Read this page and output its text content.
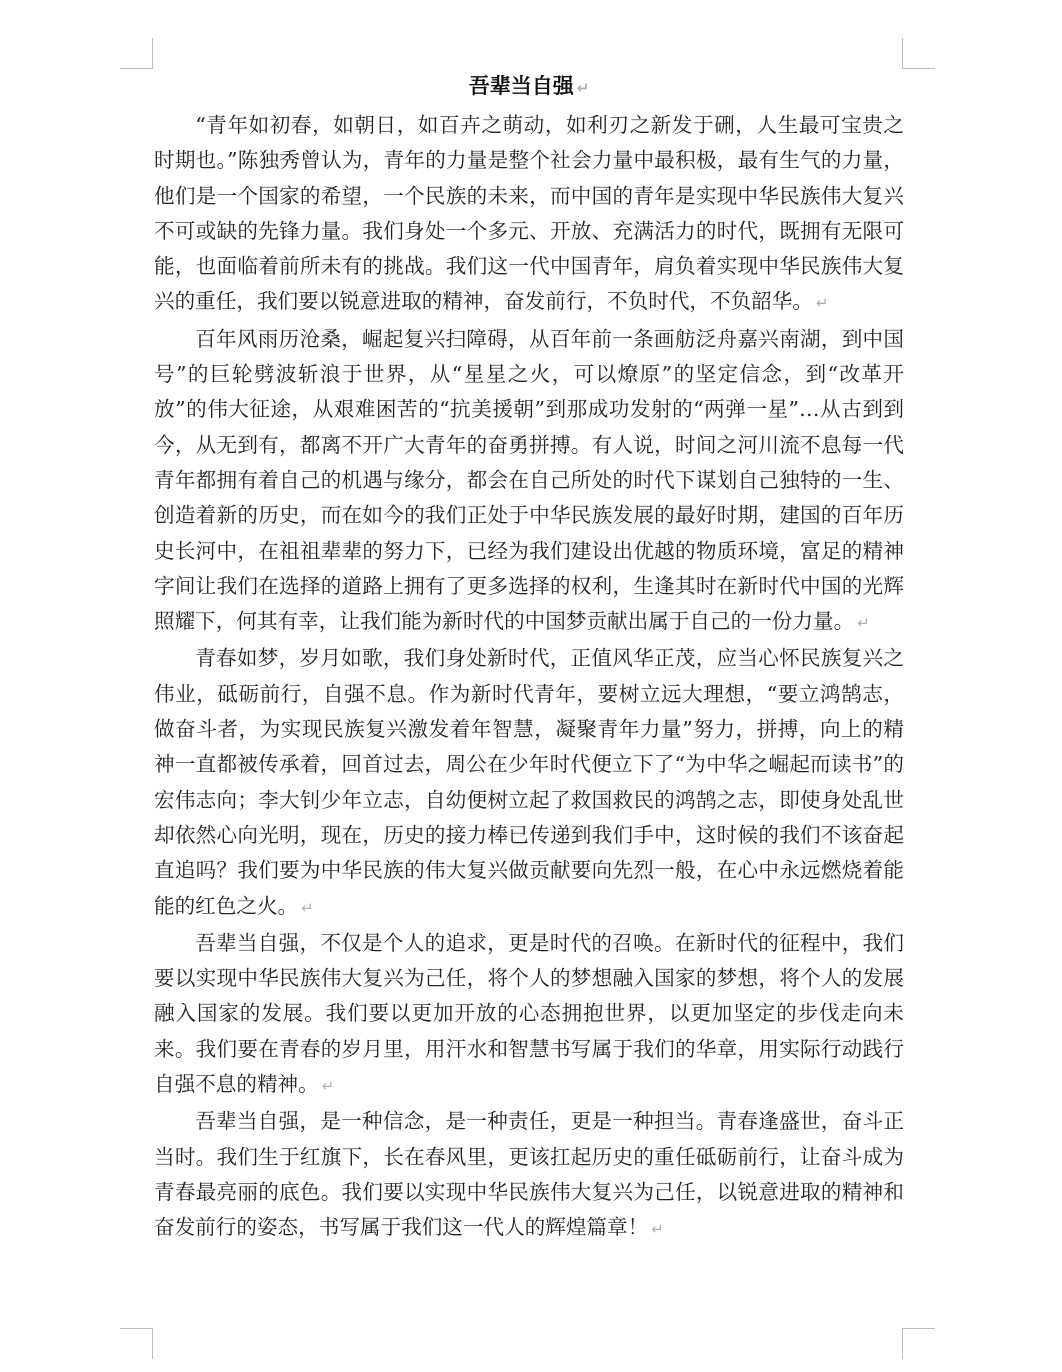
吾辈当自强 ↵

“青年如初春，如朝日，如百卉之萌动，如利刃之新发于硎，人生最可宝贵之时期也。”陈独秀曾认为，青年的力量是整个社会力量中最积极，最有生气的力量，他们是一个国家的希望，一个民族的未来，而中国的青年是实现中华民族伟大复兴不可或缺的先锋力量。我们身处一个多元、开放、充满活力的时代，既拥有无限可能，也面临着前所未有的挑战。我们这一代中国青年，肩负着实现中华民族伟大复兴的重任，我们要以锐意进取的精神，奋发前行，不负时代，不负韶华。 ↵

百年风雨历沧桑，崛起复兴扫障碍，从百年前一条画舫泛舟嘉兴南湖，到中国号”的巨轮劈波斩浪于世界，从“星星之火，可以燎原”的坚定信念，到“改革开放”的伟大征途，从艰难困苦的“抗美援朝”到那成功发射的“两弹一星”…从古到到今，从无到有，都离不开广大青年的奋勇拼搏。有人说，时间之河川流不息每一代青年都拥有着自己的机遇与缘分，都会在自己所处的时代下谋划自己独特的一生、创造着新的历史，而在如今的我们正处于中华民族发展的最好时期，建国的百年历史长河中，在祖祖辈辈的努力下，已经为我们建设出优越的物质环境，富足的精神字间让我们在选择的道路上拥有了更多选择的权利，生逢其时在新时代中国的光辉照耀下，何其有幸，让我们能为新时代的中国梦贡献出属于自己的一份力量。 ↵

青春如梦，岁月如歌，我们身处新时代，正值风华正茂，应当心怀民族复兴之伟业，砥砺前行，自强不息。作为新时代青年，要树立远大理想，“要立鸿鹄志，做奋斗者，为实现民族复兴激发着年智慧，凝聚青年力量”努力，拼搏，向上的精神一直都被传承着，回首过去，周公在少年时代便立下了“为中华之崛起而读书”的宏伟志向；李大钊少年立志，自幼便树立起了救国救民的鸿鹄之志，即使身处乱世却依然心向光明，现在，历史的接力棒已传递到我们手中，这时候的我们不该奋起直追吗？我们要为中华民族的伟大复兴做贡献要向先烈一般，在心中永远燃烧着能能的红色之火。 ↵

吾辈当自强，不仅是个人的追求，更是时代的召唤。在新时代的征程中，我们要以实现中华民族伟大复兴为己任，将个人的梦想融入国家的梦想，将个人的发展融入国家的发展。我们要以更加开放的心态拥抱世界，以更加坚定的步伐走向未来。我们要在青春的岁月里，用汗水和智慧书写属于我们的华章，用实际行动践行自强不息的精神。 ↵

吾辈当自强，是一种信念，是一种责任，更是一种担当。青春逢盛世，奋斗正当时。我们生于红旗下，长在春风里，更该扛起历史的重任砥砺前行，让奋斗成为青春最亮丽的底色。我们要以实现中华民族伟大复兴为己任，以锐意进取的精神和奋发前行的姿态，书写属于我们这一代人的辉煌篇章！ ↵
